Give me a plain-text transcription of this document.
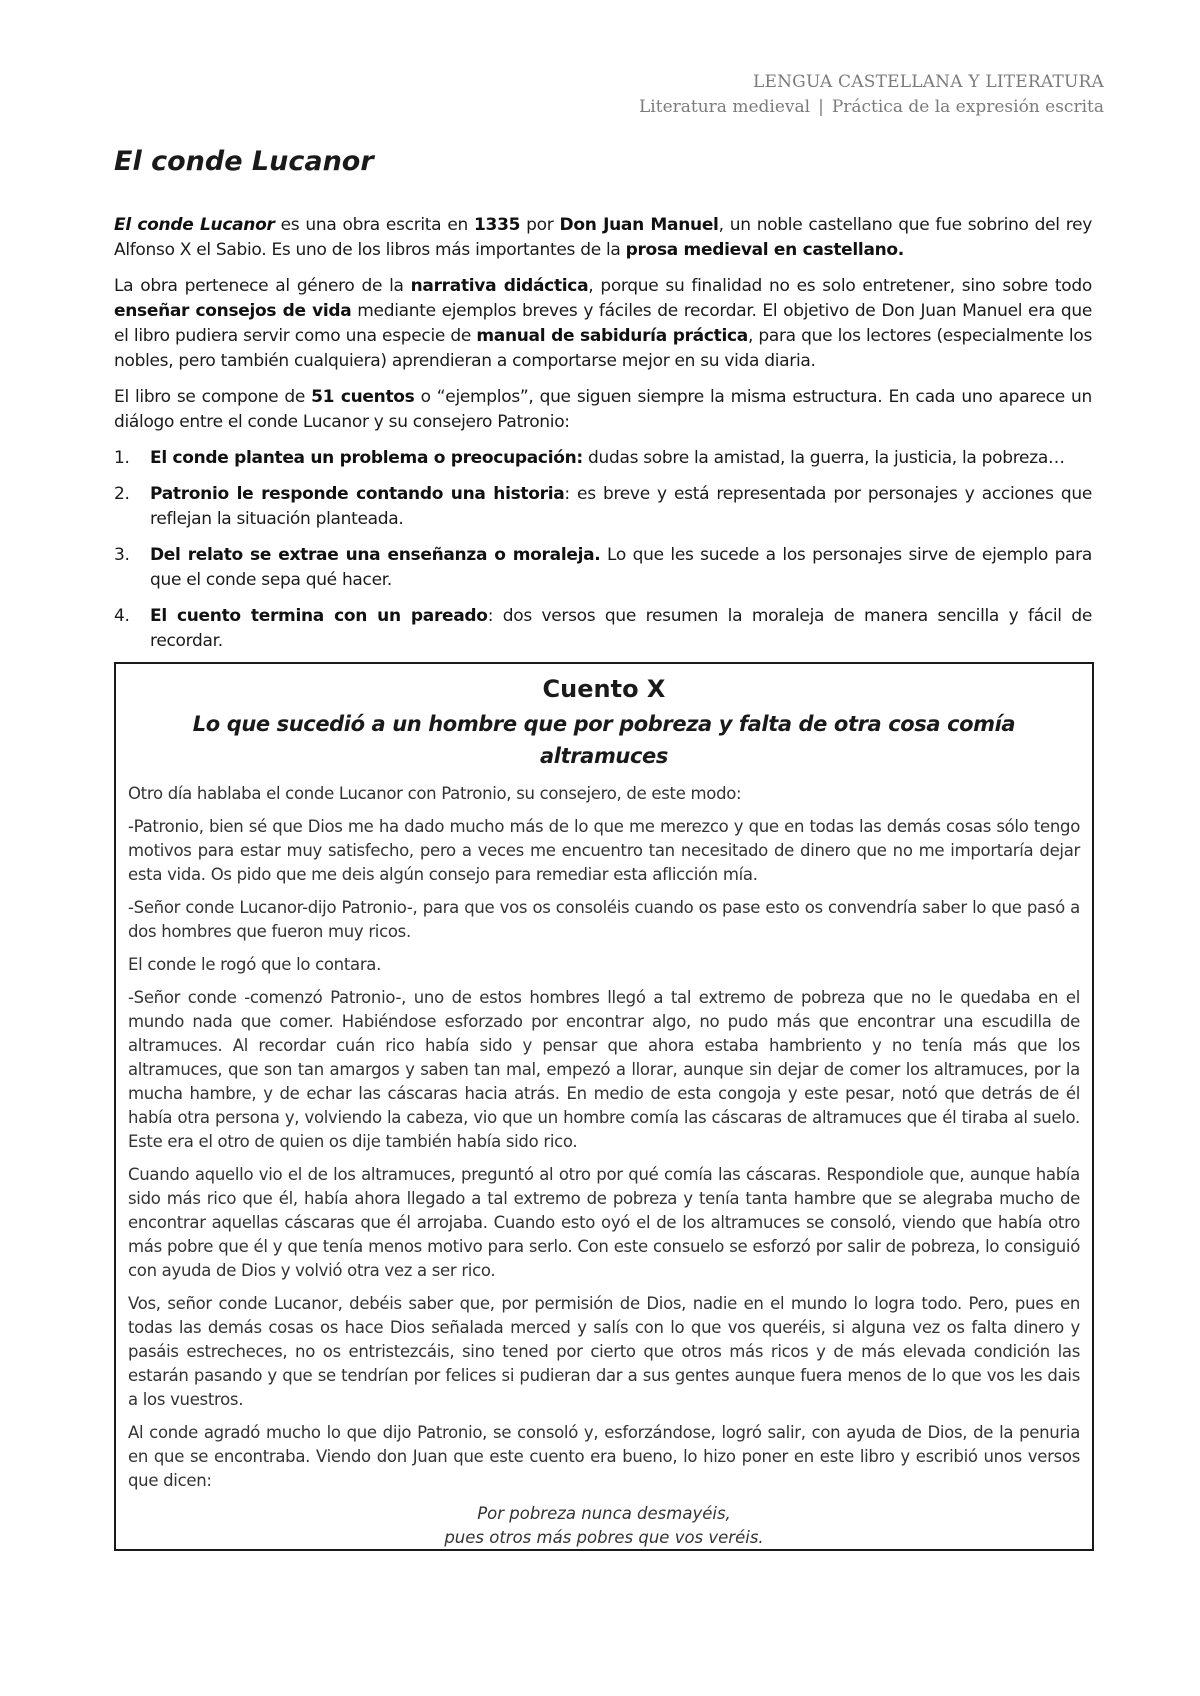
LENGUA CASTELLANA Y LITERATURA
Literatura medieval | Práctica de la expresión escrita
El conde Lucanor

El conde Lucanor es una obra escrita en 1335 por Don Juan Manuel, un noble castellano que fue sobrino del rey Alfonso X el Sabio. Es uno de los libros más importantes de la prosa medieval en castellano.

La obra pertenece al género de la narrativa didáctica, porque su finalidad no es solo entretener, sino sobre todo enseñar consejos de vida mediante ejemplos breves y fáciles de recordar. El objetivo de Don Juan Manuel era que el libro pudiera servir como una especie de manual de sabiduría práctica, para que los lectores (especialmente los nobles, pero también cualquiera) aprendieran a comportarse mejor en su vida diaria.

El libro se compone de 51 cuentos o “ejemplos”, que siguen siempre la misma estructura. En cada uno aparece un diálogo entre el conde Lucanor y su consejero Patronio:

1. El conde plantea un problema o preocupación: dudas sobre la amistad, la guerra, la justicia, la pobreza…
2. Patronio le responde contando una historia: es breve y está representada por personajes y acciones que reflejan la situación planteada.
3. Del relato se extrae una enseñanza o moraleja. Lo que les sucede a los personajes sirve de ejemplo para que el conde sepa qué hacer.
4. El cuento termina con un pareado: dos versos que resumen la moraleja de manera sencilla y fácil de recordar.
Cuento X
Lo que sucedió a un hombre que por pobreza y falta de otra cosa comía altramuces

Otro día hablaba el conde Lucanor con Patronio, su consejero, de este modo:

-Patronio, bien sé que Dios me ha dado mucho más de lo que me merezco y que en todas las demás cosas sólo tengo motivos para estar muy satisfecho, pero a veces me encuentro tan necesitado de dinero que no me importaría dejar esta vida. Os pido que me deis algún consejo para remediar esta aflicción mía.

-Señor conde Lucanor-dijo Patronio-, para que vos os consoléis cuando os pase esto os convendría saber lo que pasó a dos hombres que fueron muy ricos.

El conde le rogó que lo contara.

-Señor conde -comenzó Patronio-, uno de estos hombres llegó a tal extremo de pobreza que no le quedaba en el mundo nada que comer. Habiéndose esforzado por encontrar algo, no pudo más que encontrar una escudilla de altramuces. Al recordar cuán rico había sido y pensar que ahora estaba hambriento y no tenía más que los altramuces, que son tan amargos y saben tan mal, empezó a llorar, aunque sin dejar de comer los altramuces, por la mucha hambre, y de echar las cáscaras hacia atrás. En medio de esta congoja y este pesar, notó que detrás de él había otra persona y, volviendo la cabeza, vio que un hombre comía las cáscaras de altramuces que él tiraba al suelo. Este era el otro de quien os dije también había sido rico.

Cuando aquello vio el de los altramuces, preguntó al otro por qué comía las cáscaras. Respondiole que, aunque había sido más rico que él, había ahora llegado a tal extremo de pobreza y tenía tanta hambre que se alegraba mucho de encontrar aquellas cáscaras que él arrojaba. Cuando esto oyó el de los altramuces se consoló, viendo que había otro más pobre que él y que tenía menos motivo para serlo. Con este consuelo se esforzó por salir de pobreza, lo consiguió con ayuda de Dios y volvió otra vez a ser rico.

Vos, señor conde Lucanor, debéis saber que, por permisión de Dios, nadie en el mundo lo logra todo. Pero, pues en todas las demás cosas os hace Dios señalada merced y salís con lo que vos queréis, si alguna vez os falta dinero y pasáis estrecheces, no os entristezcáis, sino tened por cierto que otros más ricos y de más elevada condición las estarán pasando y que se tendrían por felices si pudieran dar a sus gentes aunque fuera menos de lo que vos les dais a los vuestros.

Al conde agradó mucho lo que dijo Patronio, se consoló y, esforzándose, logró salir, con ayuda de Dios, de la penuria en que se encontraba. Viendo don Juan que este cuento era bueno, lo hizo poner en este libro y escribió unos versos que dicen:

Por pobreza nunca desmayéis,
pues otros más pobres que vos veréis.
